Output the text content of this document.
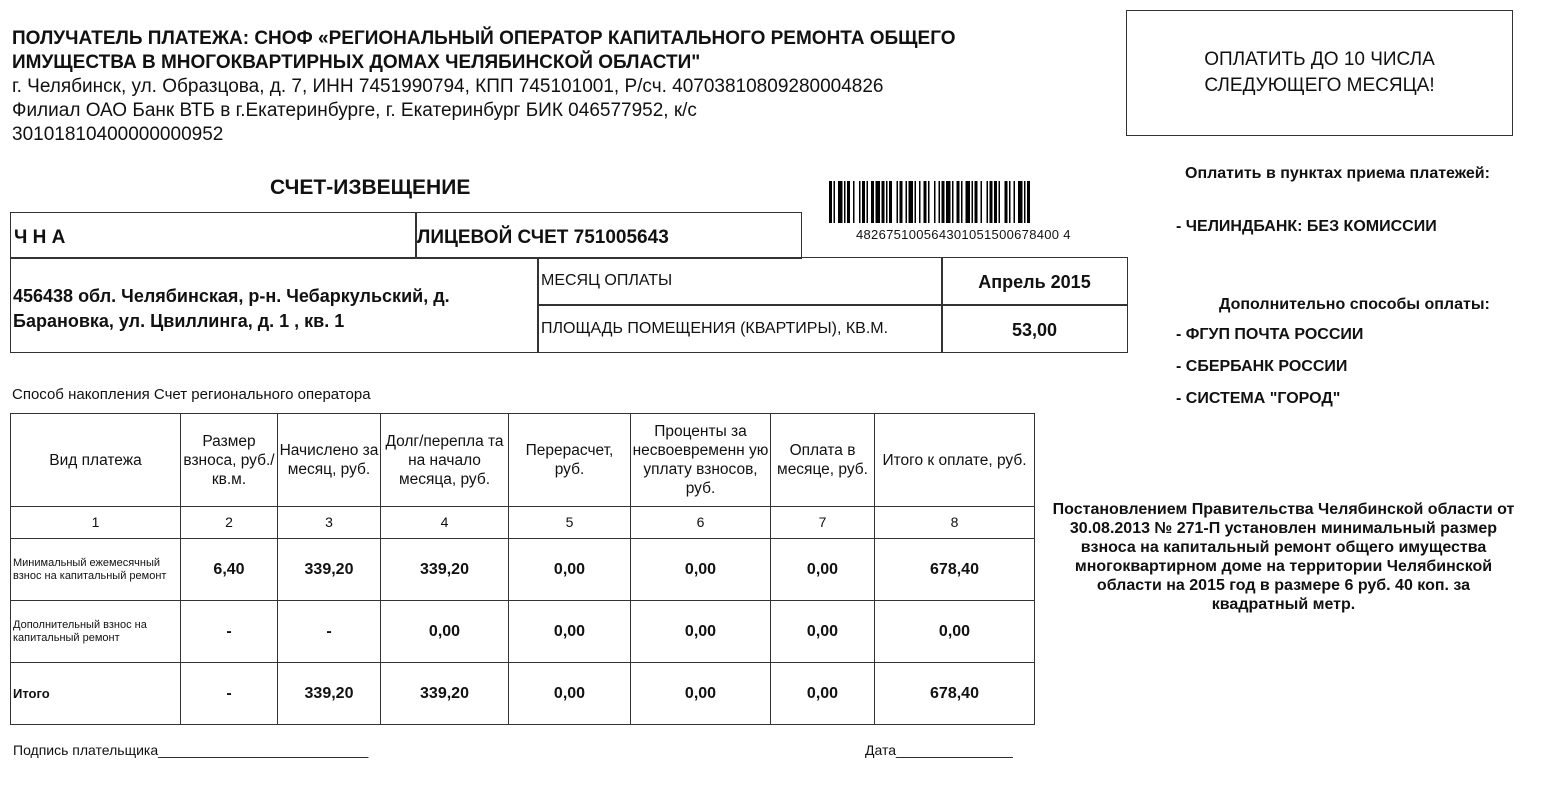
ПОЛУЧАТЕЛЬ ПЛАТЕЖА: СНОФ «РЕГИОНАЛЬНЫЙ ОПЕРАТОР КАПИТАЛЬНОГО РЕМОНТА ОБЩЕГО ИМУЩЕСТВА В МНОГОКВАРТИРНЫХ ДОМАХ ЧЕЛЯБИНСКОЙ ОБЛАСТИ"
г. Челябинск, ул. Образцова, д. 7, ИНН 7451990794, КПП 745101001, Р/сч. 40703810809280004826
Филиал ОАО Банк ВТБ в г.Екатеринбурге, г. Екатеринбург БИК 046577952, к/с
30101810400000000952
ОПЛАТИТЬ ДО 10 ЧИСЛА
СЛЕДУЮЩЕГО МЕСЯЦА!
Оплатить в пунктах приема платежей:
- ЧЕЛИНДБАНК: БЕЗ КОМИССИИ
Дополнительно способы оплаты:
- ФГУП ПОЧТА РОССИИ
- СБЕРБАНК РОССИИ
- СИСТЕМА "ГОРОД"
СЧЕТ-ИЗВЕЩЕНИЕ
482675100564301051500678400 4
Ч Н А	ЛИЦЕВОЙ СЧЕТ 751005643
456438 обл. Челябинская, р-н. Чебаркульский, д.
Барановка, ул. Цвиллинга, д. 1 , кв. 1
МЕСЯЦ ОПЛАТЫ	Апрель 2015
ПЛОЩАДЬ ПОМЕЩЕНИЯ (КВАРТИРЫ), КВ.М.	53,00
Способ накопления Счет регионального оператора
Вид платежа	Размер взноса, руб./кв.м.	Начислено за месяц, руб.	Долг/перепла та на начало месяца, руб.	Перерасчет, руб.	Проценты за несвоевременн ую уплату взносов, руб.	Оплата в месяце, руб.	Итого к оплате, руб.
1	2	3	4	5	6	7	8
Минимальный ежемесячный взнос на капитальный ремонт	6,40	339,20	339,20	0,00	0,00	0,00	678,40
Дополнительный взнос на капитальный ремонт	-	-	0,00	0,00	0,00	0,00	0,00
Итого	-	339,20	339,20	0,00	0,00	0,00	678,40
Постановлением Правительства Челябинской области от 30.08.2013 № 271-П установлен минимальный размер взноса на капитальный ремонт общего имущества многоквартирном доме на территории Челябинской области на 2015 год в размере 6 руб. 40 коп. за квадратный метр.
Подпись плательщика___________________________	Дата_______________
